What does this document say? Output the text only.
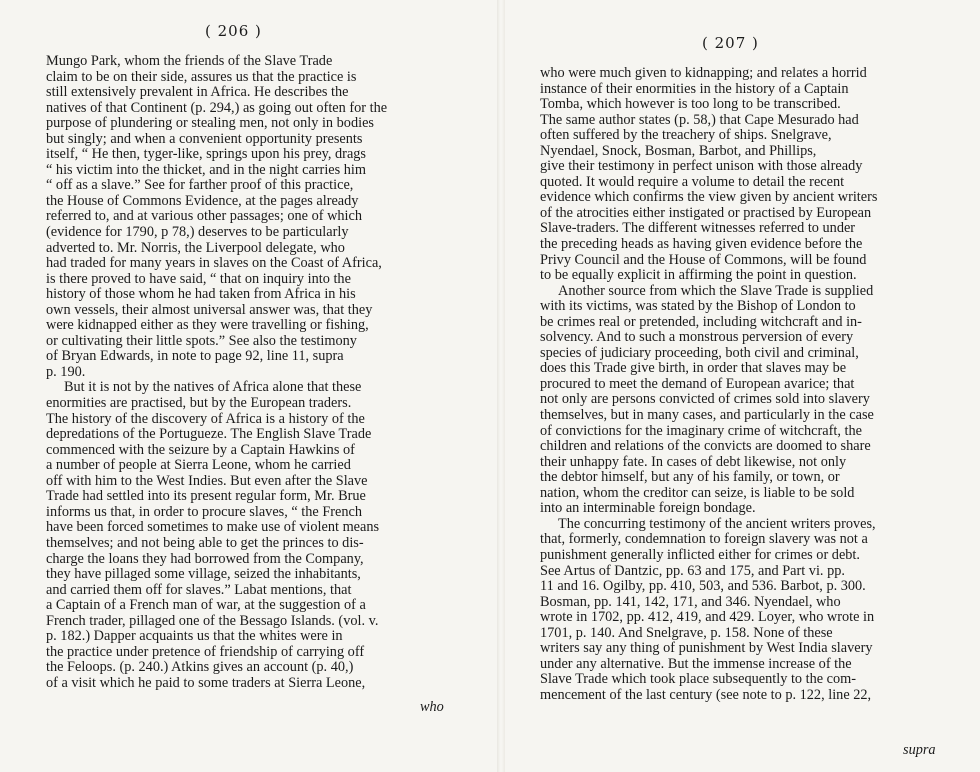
( 206 )
Mungo Park, whom the friends of the Slave Trade
claim to be on their side, assures us that the practice is
still extensively prevalent in Africa. He describes the
natives of that Continent (p. 294,) as going out often for the
purpose of plundering or stealing men, not only in bodies
but singly; and when a convenient opportunity presents
itself, “ He then, tyger-like, springs upon his prey, drags
“ his victim into the thicket, and in the night carries him
“ off as a slave.” See for farther proof of this practice,
the House of Commons Evidence, at the pages already
referred to, and at various other passages; one of which
(evidence for 1790, p 78,) deserves to be particularly
adverted to. Mr. Norris, the Liverpool delegate, who
had traded for many years in slaves on the Coast of Africa,
is there proved to have said, “ that on inquiry into the
history of those whom he had taken from Africa in his
own vessels, their almost universal answer was, that they
were kidnapped either as they were travelling or fishing,
or cultivating their little spots.” See also the testimony
of Bryan Edwards, in note to page 92, line 11, supra
p. 190.
But it is not by the natives of Africa alone that these
enormities are practised, but by the European traders.
The history of the discovery of Africa is a history of the
depredations of the Portugueze. The English Slave Trade
commenced with the seizure by a Captain Hawkins of
a number of people at Sierra Leone, whom he carried
off with him to the West Indies. But even after the Slave
Trade had settled into its present regular form, Mr. Brue
informs us that, in order to procure slaves, “ the French
have been forced sometimes to make use of violent means
themselves; and not being able to get the princes to dis-
charge the loans they had borrowed from the Company,
they have pillaged some village, seized the inhabitants,
and carried them off for slaves.” Labat mentions, that
a Captain of a French man of war, at the suggestion of a
French trader, pillaged one of the Bessago Islands. (vol. v.
p. 182.) Dapper acquaints us that the whites were in
the practice under pretence of friendship of carrying off
the Feloops. (p. 240.) Atkins gives an account (p. 40,)
of a visit which he paid to some traders at Sierra Leone,
who
( 207 )
who were much given to kidnapping; and relates a horrid
instance of their enormities in the history of a Captain
Tomba, which however is too long to be transcribed.
The same author states (p. 58,) that Cape Mesurado had
often suffered by the treachery of ships. Snelgrave,
Nyendael, Snock, Bosman, Barbot, and Phillips,
give their testimony in perfect unison with those already
quoted. It would require a volume to detail the recent
evidence which confirms the view given by ancient writers
of the atrocities either instigated or practised by European
Slave-traders. The different witnesses referred to under
the preceding heads as having given evidence before the
Privy Council and the House of Commons, will be found
to be equally explicit in affirming the point in question.
Another source from which the Slave Trade is supplied
with its victims, was stated by the Bishop of London to
be crimes real or pretended, including witchcraft and in-
solvency. And to such a monstrous perversion of every
species of judiciary proceeding, both civil and criminal,
does this Trade give birth, in order that slaves may be
procured to meet the demand of European avarice; that
not only are persons convicted of crimes sold into slavery
themselves, but in many cases, and particularly in the case
of convictions for the imaginary crime of witchcraft, the
children and relations of the convicts are doomed to share
their unhappy fate. In cases of debt likewise, not only
the debtor himself, but any of his family, or town, or
nation, whom the creditor can seize, is liable to be sold
into an interminable foreign bondage.
The concurring testimony of the ancient writers proves,
that, formerly, condemnation to foreign slavery was not a
punishment generally inflicted either for crimes or debt.
See Artus of Dantzic, pp. 63 and 175, and Part vi. pp.
11 and 16. Ogilby, pp. 410, 503, and 536. Barbot, p. 300.
Bosman, pp. 141, 142, 171, and 346. Nyendael, who
wrote in 1702, pp. 412, 419, and 429. Loyer, who wrote in
1701, p. 140. And Snelgrave, p. 158. None of these
writers say any thing of punishment by West India slavery
under any alternative. But the immense increase of the
Slave Trade which took place subsequently to the com-
mencement of the last century (see note to p. 122, line 22,
supra
